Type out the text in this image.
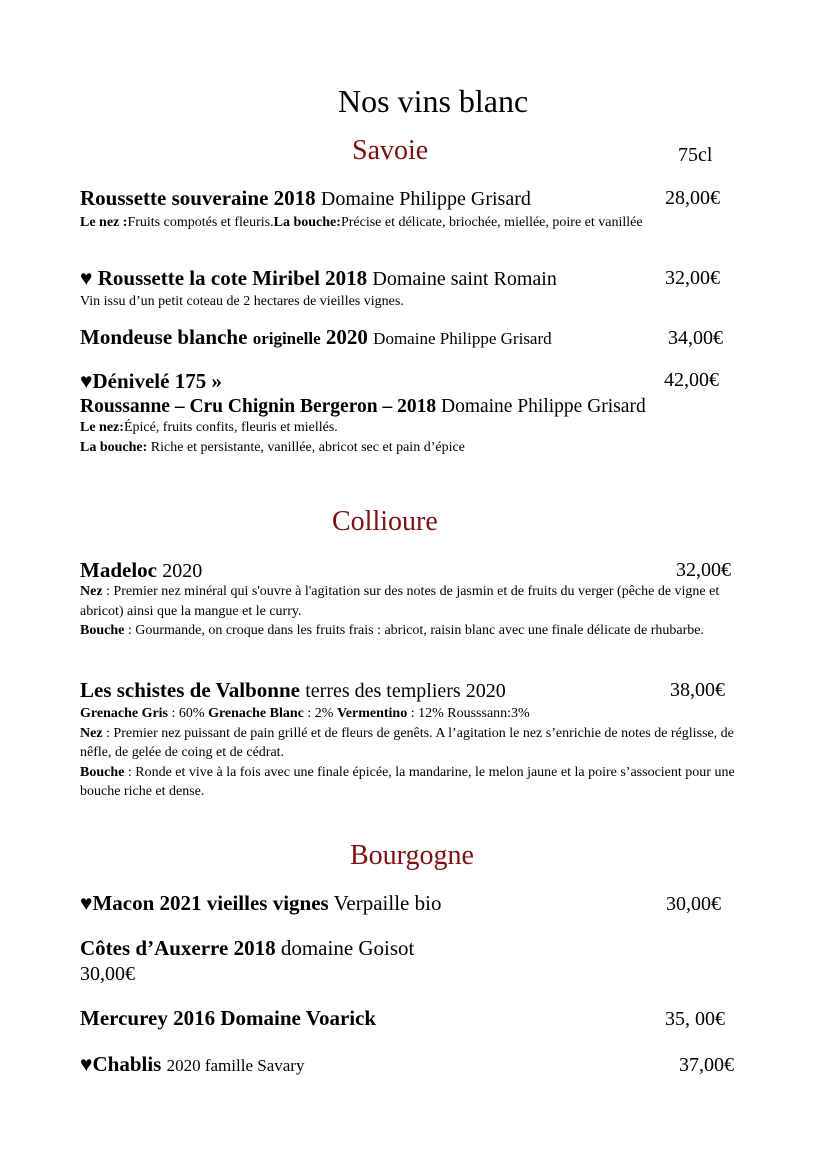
Nos vins blanc
Savoie	75cl
Roussette souveraine 2018 Domaine Philippe Grisard	28,00€
Le nez :Fruits compotés et fleuris.La bouche:Précise et délicate, briochée, miellée, poire et vanillée
♥ Roussette la cote Miribel 2018 Domaine saint Romain	32,00€
Vin issu d’un petit coteau de 2 hectares de vieilles vignes.
Mondeuse blanche originelle 2020 Domaine Philippe Grisard	34,00€
♥Dénivelé 175 »	42,00€
Roussanne – Cru Chignin Bergeron – 2018 Domaine Philippe Grisard
Le nez:Épicé, fruits confits, fleuris et miellés.
La bouche: Riche et persistante, vanillée, abricot sec et pain d’épice
Collioure
Madeloc 2020	32,00€
Nez : Premier nez minéral qui s'ouvre à l'agitation sur des notes de jasmin et de fruits du verger (pêche de vigne et abricot) ainsi que la mangue et le curry.
Bouche : Gourmande, on croque dans les fruits frais : abricot, raisin blanc avec une finale délicate de rhubarbe.
Les schistes de Valbonne terres des templiers 2020	38,00€
Grenache Gris : 60% Grenache Blanc : 2% Vermentino : 12% Rousssann:3%
Nez : Premier nez puissant de pain grillé et de fleurs de genêts. A l’agitation le nez s’enrichie de notes de réglisse, de nêfle, de gelée de coing et de cédrat.
Bouche : Ronde et vive à la fois avec une finale épicée, la mandarine, le melon jaune et la poire s’associent pour une bouche riche et dense.
Bourgogne
♥Macon 2021 vieilles vignes Verpaille bio	30,00€
Côtes d’Auxerre 2018 domaine Goisot
30,00€
Mercurey 2016 Domaine Voarick	35, 00€
♥Chablis 2020 famille Savary	37,00€
